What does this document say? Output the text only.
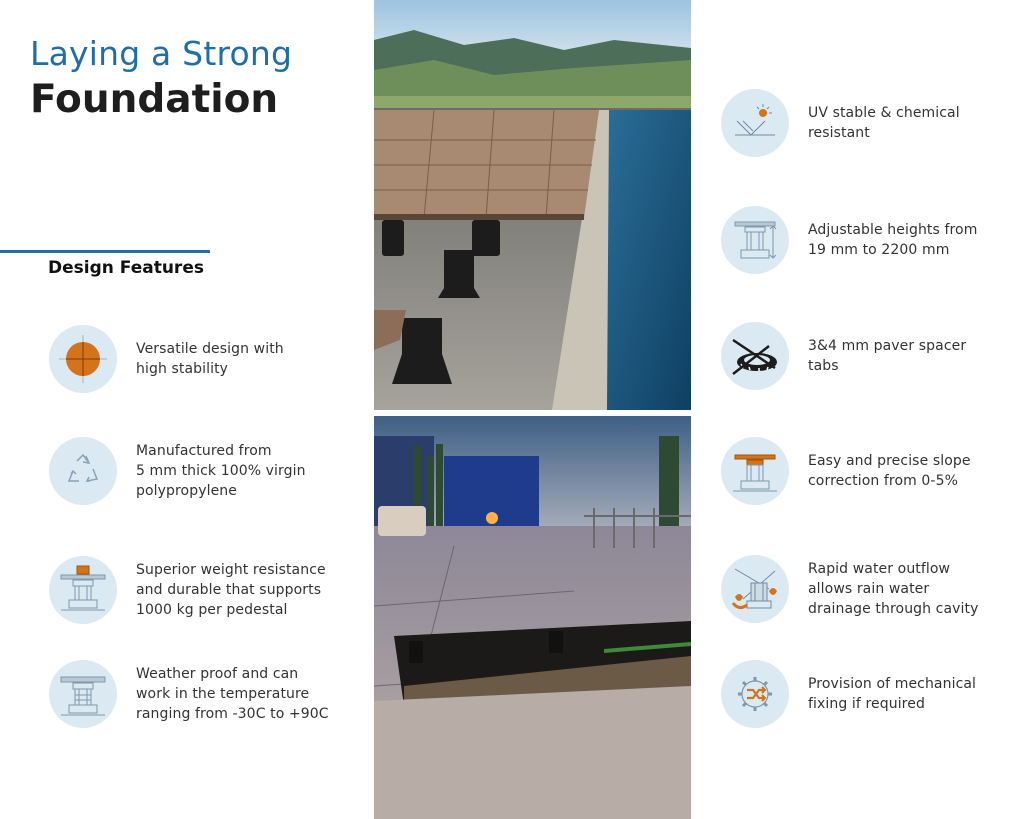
Laying a Strong
Foundation
Design Features
Versatile design with
high stability
Manufactured from
5 mm thick 100% virgin
polypropylene
Superior weight resistance
and durable that supports
1000 kg per pedestal
Weather proof and can
work in the temperature
ranging from -30C to +90C
UV stable & chemical
resistant
Adjustable heights from
19 mm to 2200 mm
3&4 mm paver spacer
tabs
Easy and precise slope
correction from 0-5%
Rapid water outflow
allows rain water
drainage through cavity
Provision of mechanical
fixing if required
